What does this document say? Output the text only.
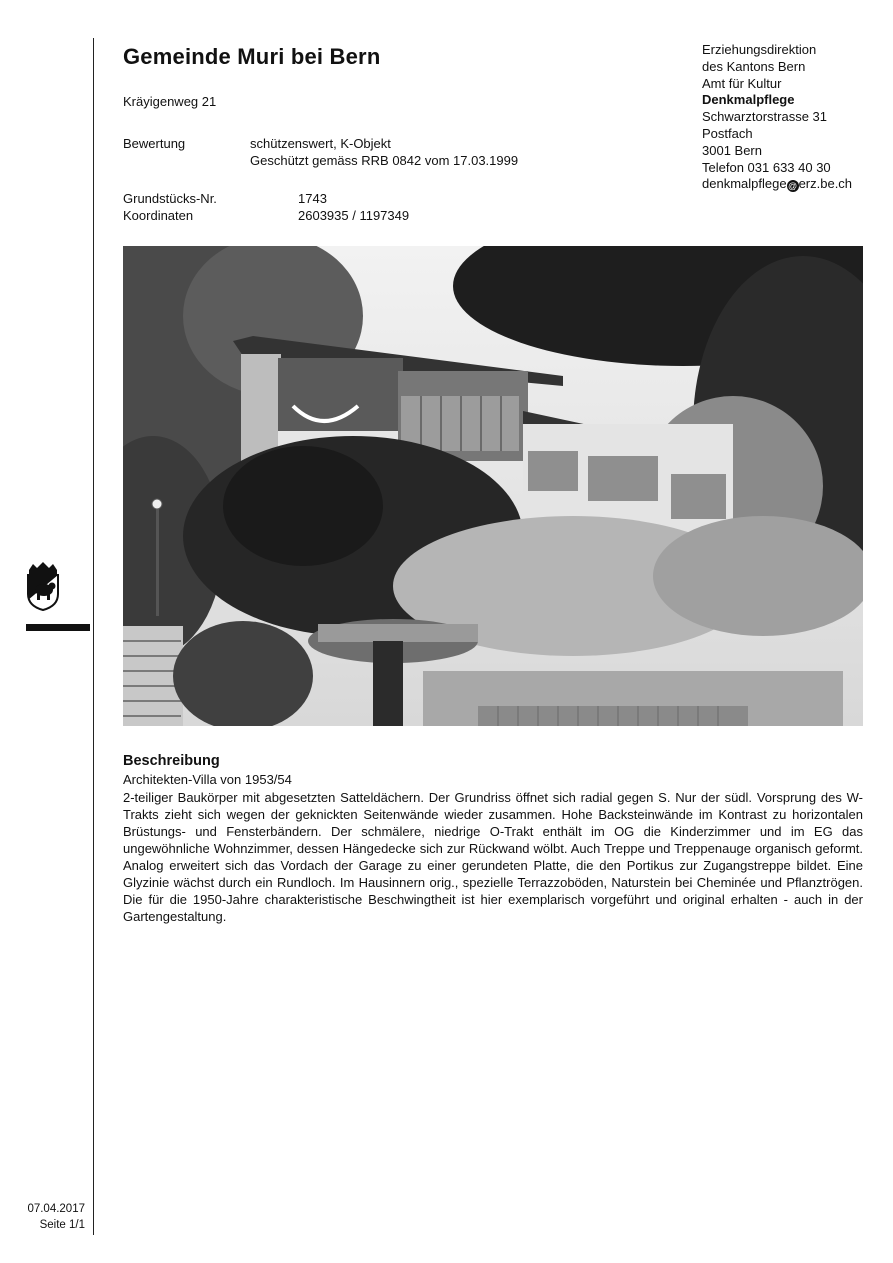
Gemeinde Muri bei Bern
Kräyigenweg 21
Bewertung	schützenswert, K-Objekt
Geschützt gemäss RRB 0842 vom 17.03.1999
Grundstücks-Nr.	1743
Koordinaten	2603935 / 1197349
Erziehungsdirektion
des Kantons Bern
Amt für Kultur
Denkmalpflege
Schwarztorstrasse 31
Postfach
3001 Bern
Telefon 031 633 40 30
denkmalpflege@erz.be.ch
Beschreibung
Architekten-Villa von 1953/54
2-teiliger Baukörper mit abgesetzten Satteldächern. Der Grundriss öffnet sich radial gegen S. Nur der südl. Vorsprung des W-Trakts zieht sich wegen der geknickten Seitenwände wieder zusammen. Hohe Backsteinwände im Kontrast zu horizontalen Brüstungs- und Fensterbändern. Der schmälere, niedrige O-Trakt enthält im OG die Kinderzimmer und im EG das ungewöhnliche Wohnzimmer, dessen Hängedecke sich zur Rückwand wölbt. Auch Treppe und Treppenauge organisch geformt. Analog erweitert sich das Vordach der Garage zu einer gerundeten Platte, die den Portikus zur Zugangstreppe bildet. Eine Glyzinie wächst durch ein Rundloch. Im Hausinnern orig., spezielle Terrazzoböden, Naturstein bei Cheminée und Pflanztrögen. Die für die 1950-Jahre charakteristische Beschwingtheit ist hier exemplarisch vorgeführt und original erhalten - auch in der Gartengestaltung.
07.04.2017
Seite 1/1
